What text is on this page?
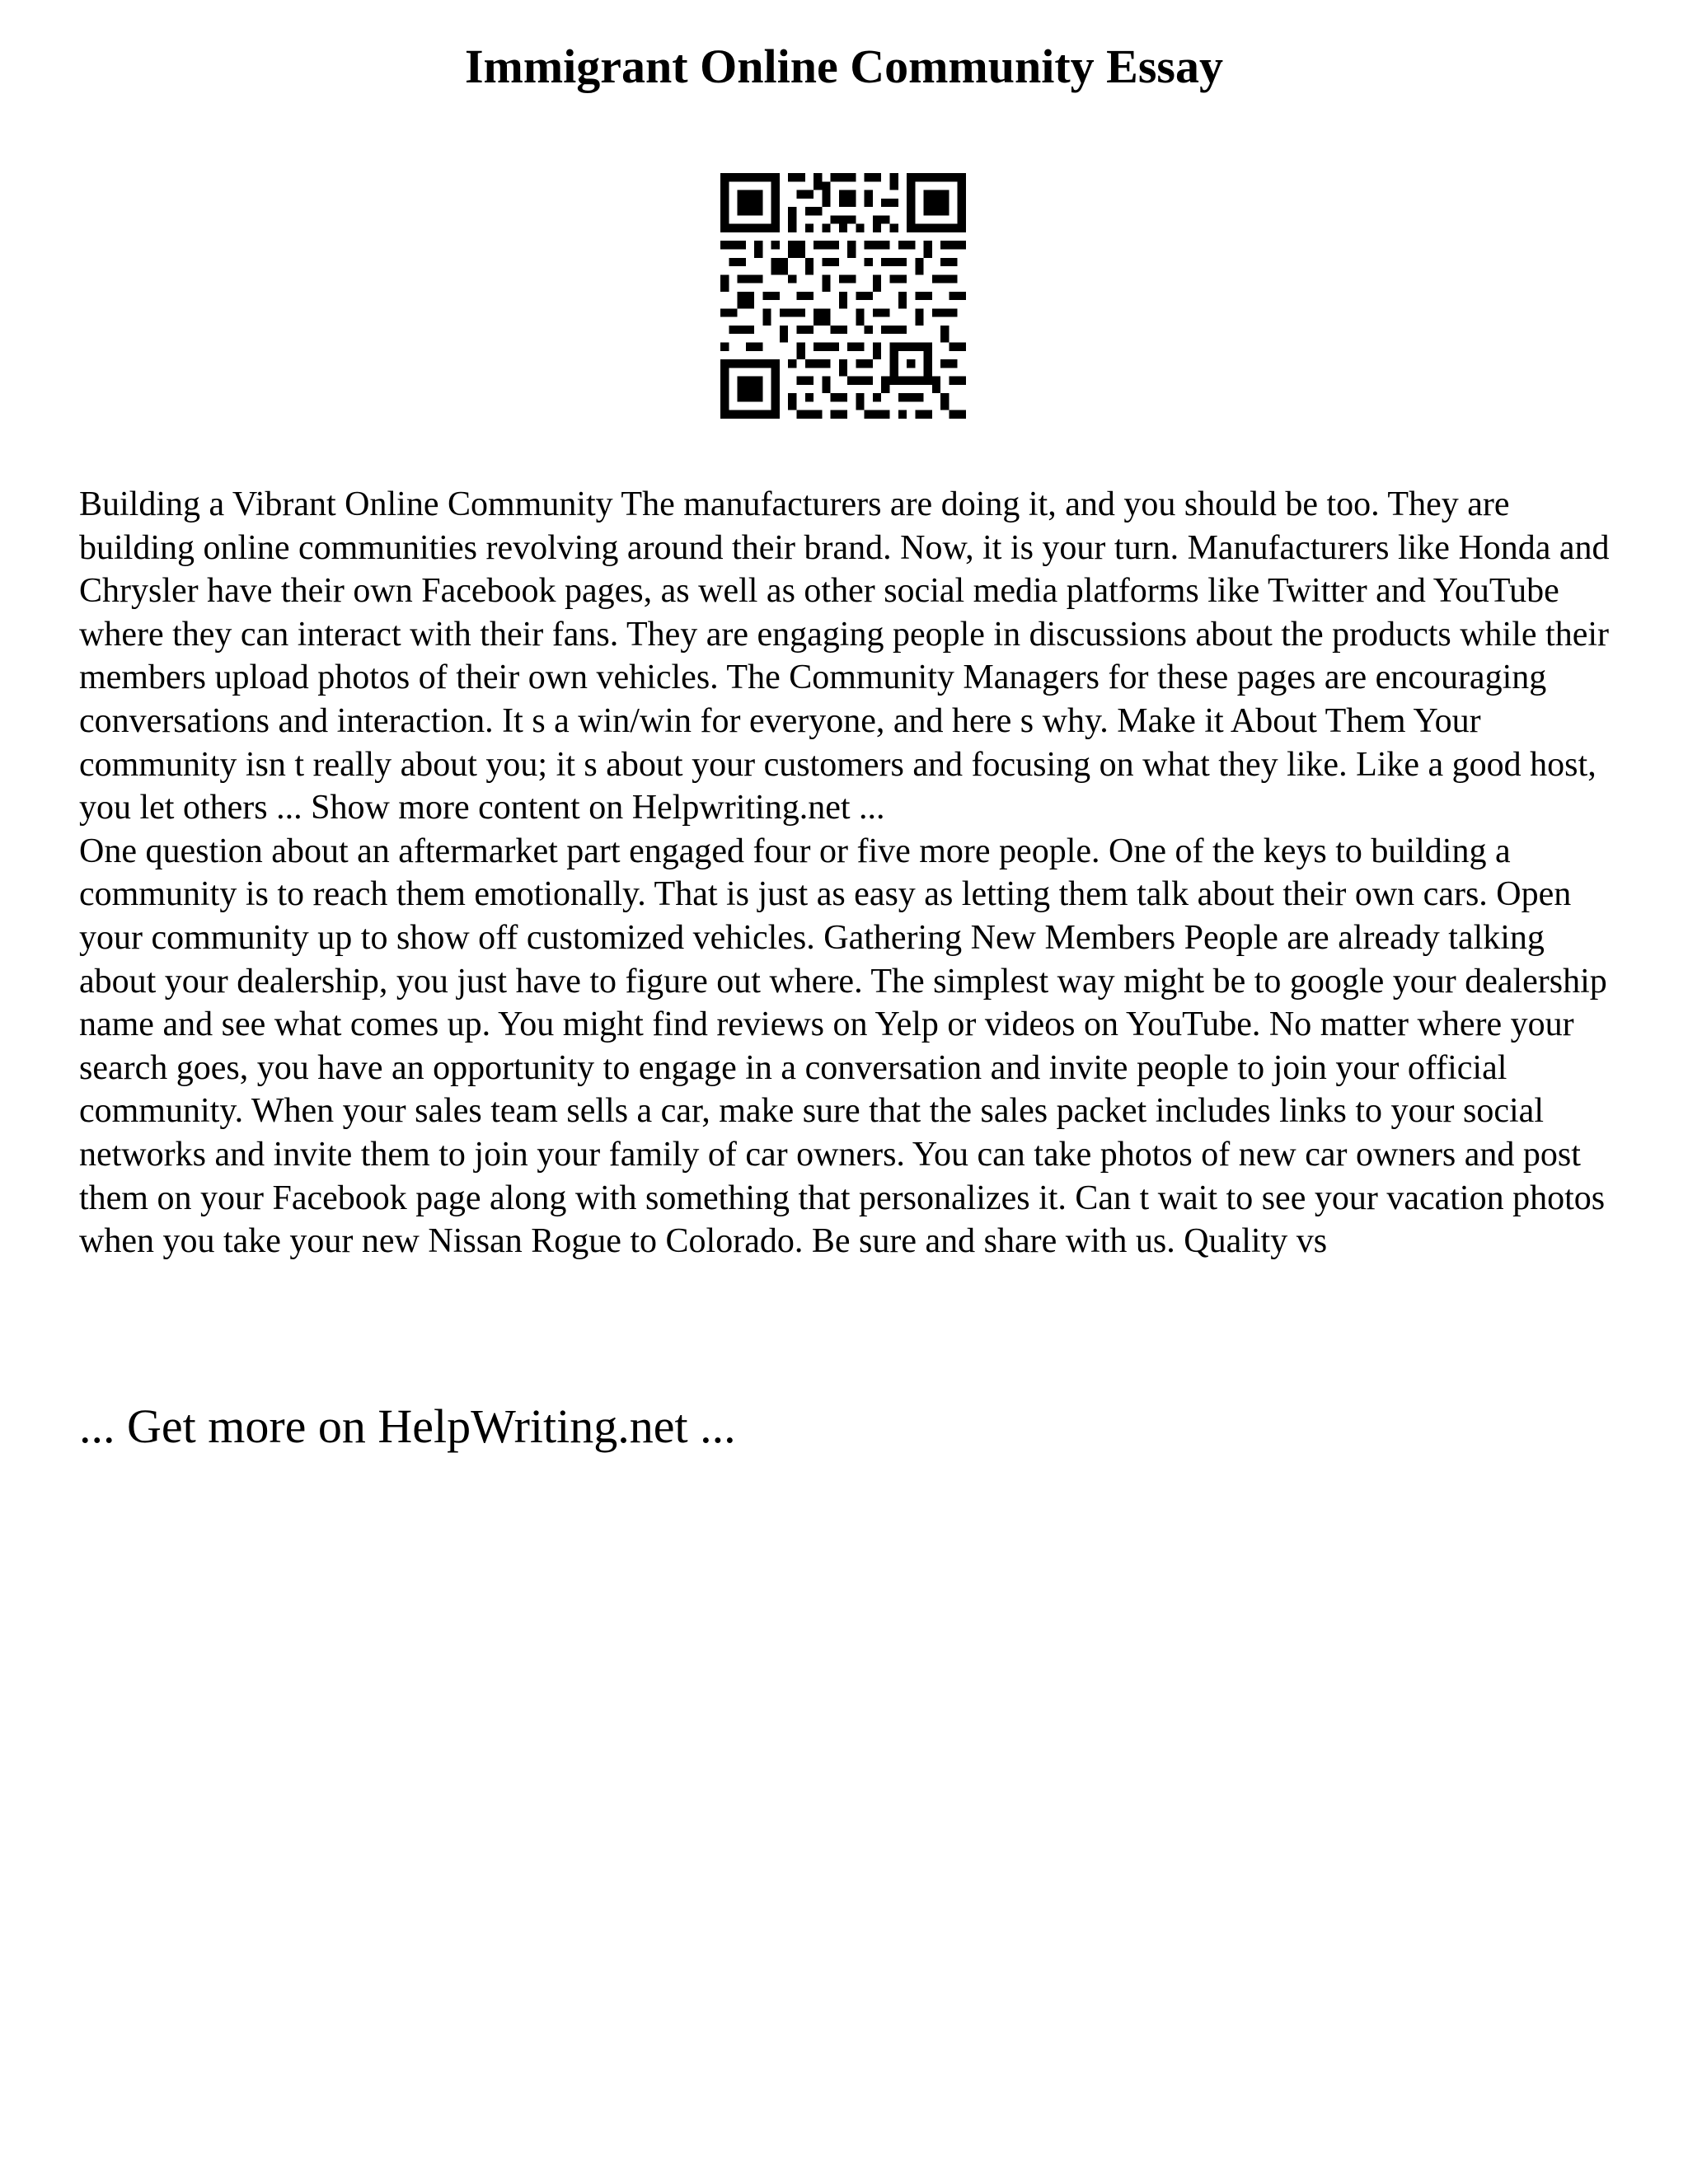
Immigrant Online Community Essay

Building a Vibrant Online Community The manufacturers are doing it, and you should be too. They are building online communities revolving around their brand. Now, it is your turn. Manufacturers like Honda and Chrysler have their own Facebook pages, as well as other social media platforms like Twitter and YouTube where they can interact with their fans. They are engaging people in discussions about the products while their members upload photos of their own vehicles. The Community Managers for these pages are encouraging conversations and interaction. It s a win/win for everyone, and here s why. Make it About Them Your community isn t really about you; it s about your customers and focusing on what they like. Like a good host, you let others ... Show more content on Helpwriting.net ...

One question about an aftermarket part engaged four or five more people. One of the keys to building a community is to reach them emotionally. That is just as easy as letting them talk about their own cars. Open your community up to show off customized vehicles. Gathering New Members People are already talking about your dealership, you just have to figure out where. The simplest way might be to google your dealership name and see what comes up. You might find reviews on Yelp or videos on YouTube. No matter where your search goes, you have an opportunity to engage in a conversation and invite people to join your official community. When your sales team sells a car, make sure that the sales packet includes links to your social networks and invite them to join your family of car owners. You can take photos of new car owners and post them on your Facebook page along with something that personalizes it. Can t wait to see your vacation photos when you take your new Nissan Rogue to Colorado. Be sure and share with us. Quality vs

... Get more on HelpWriting.net ...
